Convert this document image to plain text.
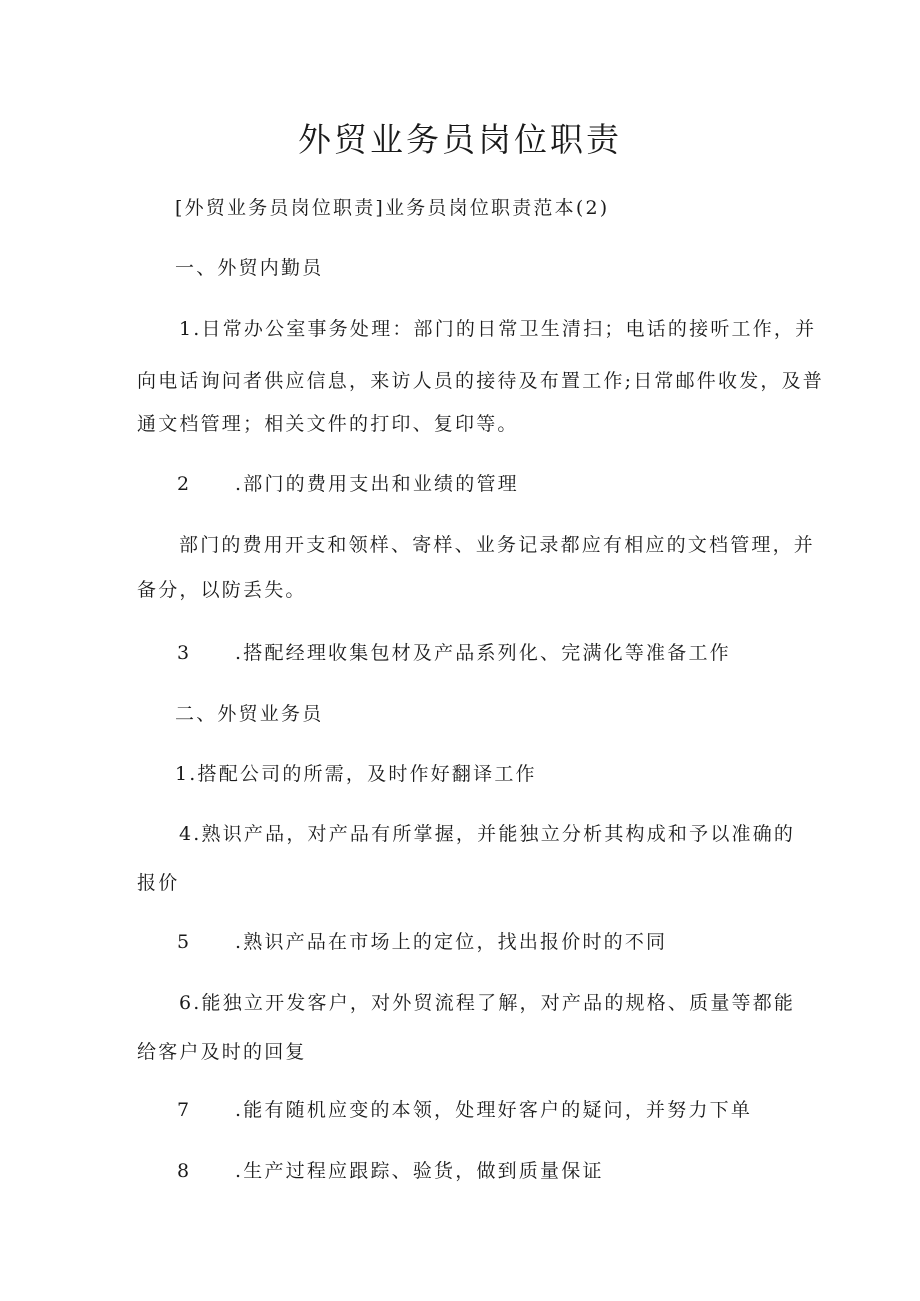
外贸业务员岗位职责
[外贸业务员岗位职责]业务员岗位职责范本(2)
一、外贸内勤员
1.日常办公室事务处理：部门的日常卫生清扫；电话的接听工作，并
向电话询问者供应信息，来访人员的接待及布置工作;日常邮件收发，及普
通文档管理；相关文件的打印、复印等。
2 .部门的费用支出和业绩的管理
部门的费用开支和领样、寄样、业务记录都应有相应的文档管理，并
备分，以防丢失。
3 .搭配经理收集包材及产品系列化、完满化等准备工作
二、外贸业务员
1.搭配公司的所需，及时作好翻译工作
4.熟识产品，对产品有所掌握，并能独立分析其构成和予以准确的
报价
5 .熟识产品在市场上的定位，找出报价时的不同
6.能独立开发客户，对外贸流程了解，对产品的规格、质量等都能
给客户及时的回复
7 .能有随机应变的本领，处理好客户的疑问，并努力下单
8 .生产过程应跟踪、验货，做到质量保证
